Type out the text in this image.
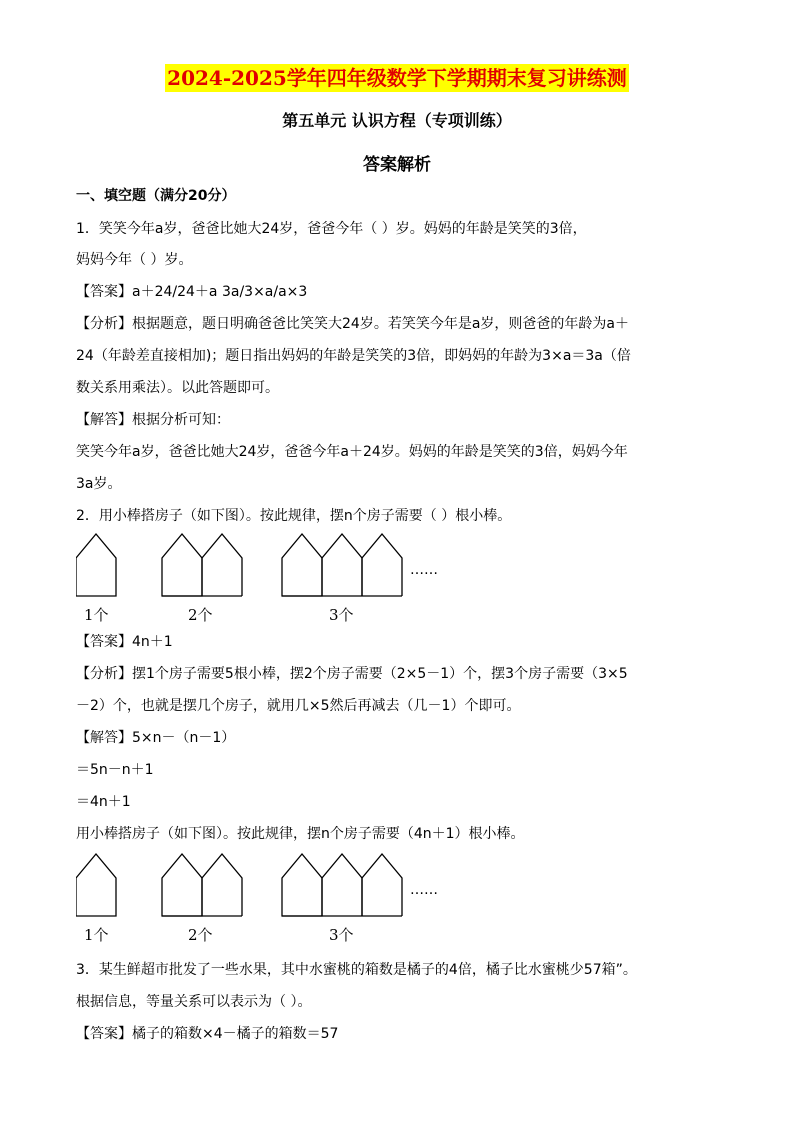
2024-2025学年四年级数学下学期期末复习讲练测
第五单元 认识方程（专项训练）
答案解析
一、填空题（满分20分）
1．笑笑今年a岁，爸爸比她大24岁，爸爸今年（ ）岁。妈妈的年龄是笑笑的3倍，
妈妈今年（ ）岁。
【答案】a＋24/24＋a 3a/3×a/a×3
【分析】根据题意，题日明确爸爸比笑笑大24岁。若笑笑今年是a岁，则爸爸的年龄为a＋
24（年龄差直接相加)；题日指出妈妈的年龄是笑笑的3倍，即妈妈的年龄为3×a＝3a（倍
数关系用乘法）。以此答题即可。
【解答】根据分析可知：
笑笑今年a岁，爸爸比她大24岁，爸爸今年a＋24岁。妈妈的年龄是笑笑的3倍，妈妈今年
3a岁。
2．用小棒搭房子（如下图）。按此规律，摆n个房子需要（ ）根小棒。
……
1个	2个	3个
【答案】4n＋1
【分析】摆1个房子需要5根小棒，摆2个房子需要（2×5－1）个，摆3个房子需要（3×5
－2）个，也就是摆几个房子，就用几×5然后再减去（几－1）个即可。
【解答】5×n－（n－1）
＝5n－n＋1
＝4n＋1
用小棒搭房子（如下图）。按此规律，摆n个房子需要（4n＋1）根小棒。
……
1个	2个	3个
3．某生鲜超市批发了一些水果，其中水蜜桃的箱数是橘子的4倍，橘子比水蜜桃少57箱”。
根据信息，等量关系可以表示为（ ）。
【答案】橘子的箱数×4－橘子的箱数＝57
